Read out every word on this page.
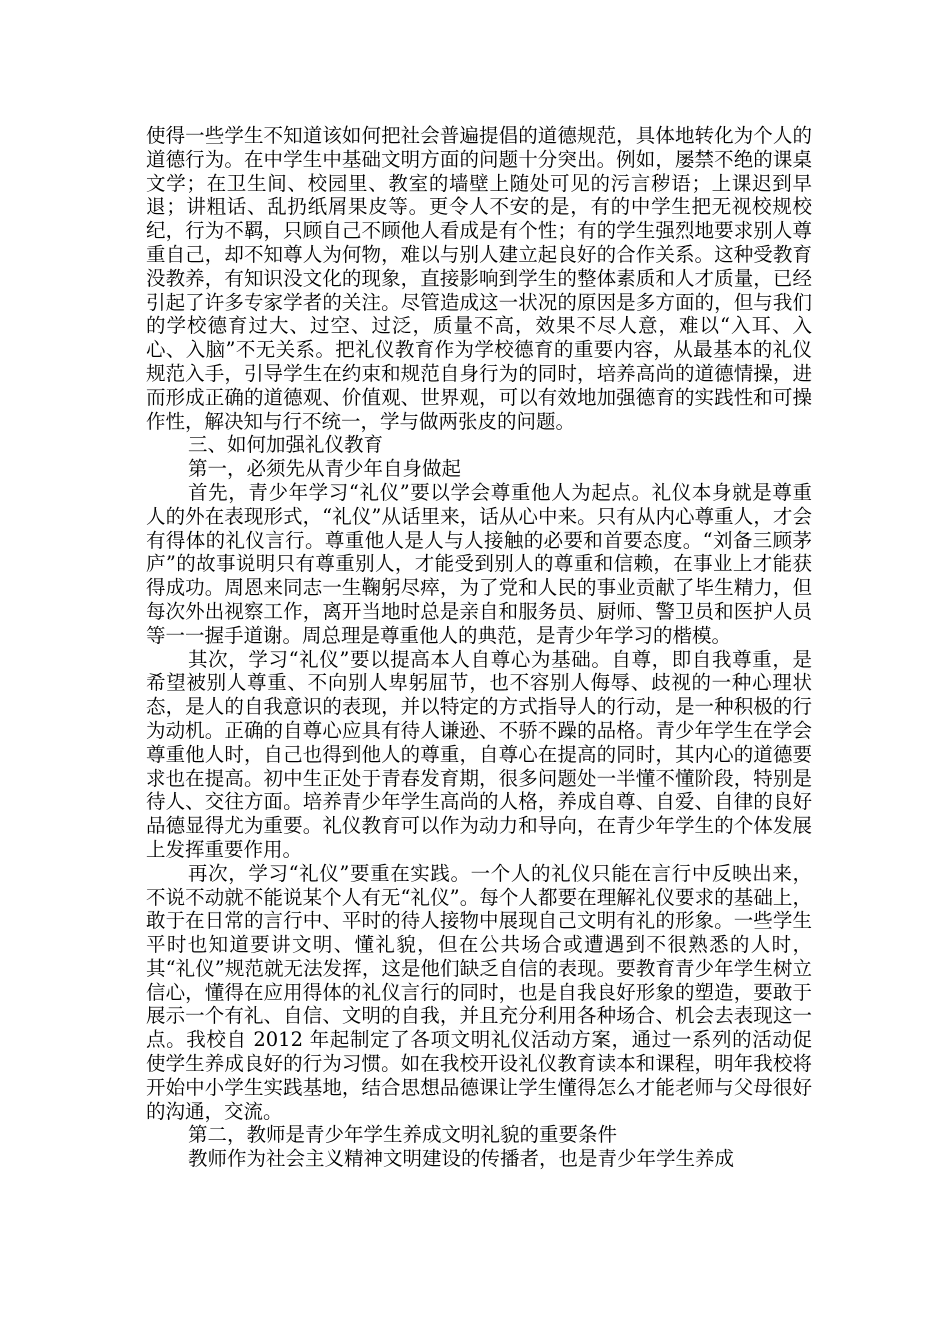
使得一些学生不知道该如何把社会普遍提倡的道德规范，具体地转化为个人的道德行为。在中学生中基础文明方面的问题十分突出。例如，屡禁不绝的课桌文学；在卫生间、校园里、教室的墙壁上随处可见的污言秽语；上课迟到早退；讲粗话、乱扔纸屑果皮等。更令人不安的是，有的中学生把无视校规校纪，行为不羁，只顾自己不顾他人看成是有个性；有的学生强烈地要求别人尊重自己，却不知尊人为何物，难以与别人建立起良好的合作关系。这种受教育没教养，有知识没文化的现象，直接影响到学生的整体素质和人才质量，已经引起了许多专家学者的关注。尽管造成这一状况的原因是多方面的，但与我们的学校德育过大、过空、过泛，质量不高，效果不尽人意，难以“入耳、入心、入脑”不无关系。把礼仪教育作为学校德育的重要内容，从最基本的礼仪规范入手，引导学生在约束和规范自身行为的同时，培养高尚的道德情操，进而形成正确的道德观、价值观、世界观，可以有效地加强德育的实践性和可操作性，解决知与行不统一，学与做两张皮的问题。

三、如何加强礼仪教育

第一，必须先从青少年自身做起

首先，青少年学习“礼仪”要以学会尊重他人为起点。礼仪本身就是尊重人的外在表现形式，“礼仪”从话里来，话从心中来。只有从内心尊重人，才会有得体的礼仪言行。尊重他人是人与人接触的必要和首要态度。“刘备三顾茅庐”的故事说明只有尊重别人，才能受到别人的尊重和信赖，在事业上才能获得成功。周恩来同志一生鞠躬尽瘁，为了党和人民的事业贡献了毕生精力，但每次外出视察工作，离开当地时总是亲自和服务员、厨师、警卫员和医护人员等一一握手道谢。周总理是尊重他人的典范，是青少年学习的楷模。

其次，学习“礼仪”要以提高本人自尊心为基础。自尊，即自我尊重，是希望被别人尊重、不向别人卑躬屈节，也不容别人侮辱、歧视的一种心理状态，是人的自我意识的表现，并以特定的方式指导人的行动，是一种积极的行为动机。正确的自尊心应具有待人谦逊、不骄不躁的品格。青少年学生在学会尊重他人时，自己也得到他人的尊重，自尊心在提高的同时，其内心的道德要求也在提高。初中生正处于青春发育期，很多问题处一半懂不懂阶段，特别是待人、交往方面。培养青少年学生高尚的人格，养成自尊、自爱、自律的良好品德显得尤为重要。礼仪教育可以作为动力和导向，在青少年学生的个体发展上发挥重要作用。

再次，学习“礼仪”要重在实践。一个人的礼仪只能在言行中反映出来，不说不动就不能说某个人有无“礼仪”。每个人都要在理解礼仪要求的基础上，敢于在日常的言行中、平时的待人接物中展现自己文明有礼的形象。一些学生平时也知道要讲文明、懂礼貌，但在公共场合或遭遇到不很熟悉的人时，其“礼仪”规范就无法发挥，这是他们缺乏自信的表现。要教育青少年学生树立信心，懂得在应用得体的礼仪言行的同时，也是自我良好形象的塑造，要敢于展示一个有礼、自信、文明的自我，并且充分利用各种场合、机会去表现这一点。我校自 2012 年起制定了各项文明礼仪活动方案，通过一系列的活动促使学生养成良好的行为习惯。如在我校开设礼仪教育读本和课程，明年我校将开始中小学生实践基地，结合思想品德课让学生懂得怎么才能老师与父母很好的沟通，交流。

第二，教师是青少年学生养成文明礼貌的重要条件

教师作为社会主义精神文明建设的传播者，也是青少年学生养成
